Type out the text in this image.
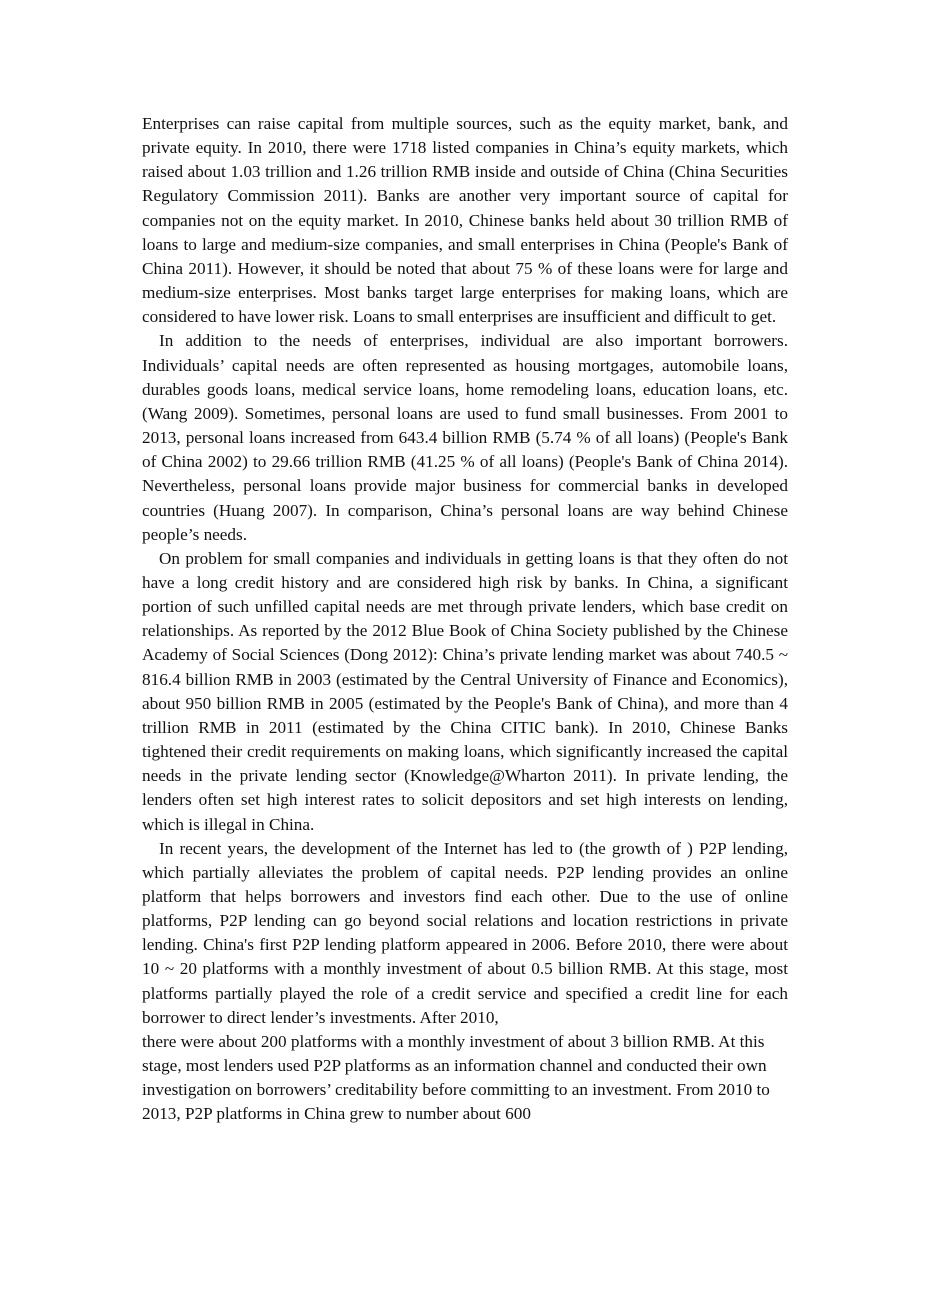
Enterprises can raise capital from multiple sources, such as the equity market, bank, and private equity. In 2010, there were 1718 listed companies in China’s equity markets, which raised about 1.03 trillion and 1.26 trillion RMB inside and outside of China (China Securities Regulatory Commission 2011). Banks are another very important source of capital for companies not on the equity market. In 2010, Chinese banks held about 30 trillion RMB of loans to large and medium-size companies, and small enterprises in China (People's Bank of China 2011). However, it should be noted that about 75 % of these loans were for large and medium-size enterprises. Most banks target large enterprises for making loans, which are considered to have lower risk. Loans to small enterprises are insufficient and difficult to get.

In addition to the needs of enterprises, individual are also important borrowers. Individuals’ capital needs are often represented as housing mortgages, automobile loans, durables goods loans, medical service loans, home remodeling loans, education loans, etc. (Wang 2009). Sometimes, personal loans are used to fund small businesses. From 2001 to 2013, personal loans increased from 643.4 billion RMB (5.74 % of all loans) (People's Bank of China 2002) to 29.66 trillion RMB (41.25 % of all loans) (People's Bank of China 2014). Nevertheless, personal loans provide major business for commercial banks in developed countries (Huang 2007). In comparison, China’s personal loans are way behind Chinese people’s needs.

On problem for small companies and individuals in getting loans is that they often do not have a long credit history and are considered high risk by banks. In China, a significant portion of such unfilled capital needs are met through private lenders, which base credit on relationships. As reported by the 2012 Blue Book of China Society published by the Chinese Academy of Social Sciences (Dong 2012): China’s private lending market was about 740.5 ~ 816.4 billion RMB in 2003 (estimated by the Central University of Finance and Economics), about 950 billion RMB in 2005 (estimated by the People's Bank of China), and more than 4 trillion RMB in 2011 (estimated by the China CITIC bank). In 2010, Chinese Banks tightened their credit requirements on making loans, which significantly increased the capital needs in the private lending sector (Knowledge@Wharton 2011). In private lending, the lenders often set high interest rates to solicit depositors and set high interests on lending, which is illegal in China.

In recent years, the development of the Internet has led to (the growth of ) P2P lending, which partially alleviates the problem of capital needs. P2P lending provides an online platform that helps borrowers and investors find each other. Due to the use of online platforms, P2P lending can go beyond social relations and location restrictions in private lending. China's first P2P lending platform appeared in 2006. Before 2010, there were about 10 ~ 20 platforms with a monthly investment of about 0.5 billion RMB. At this stage, most platforms partially played the role of a credit service and specified a credit line for each borrower to direct lender’s investments. After 2010,

there were about 200 platforms with a monthly investment of about 3 billion RMB. At this stage, most lenders used P2P platforms as an information channel and conducted their own investigation on borrowers’ creditability before committing to an investment. From 2010 to 2013, P2P platforms in China grew to number about 600
